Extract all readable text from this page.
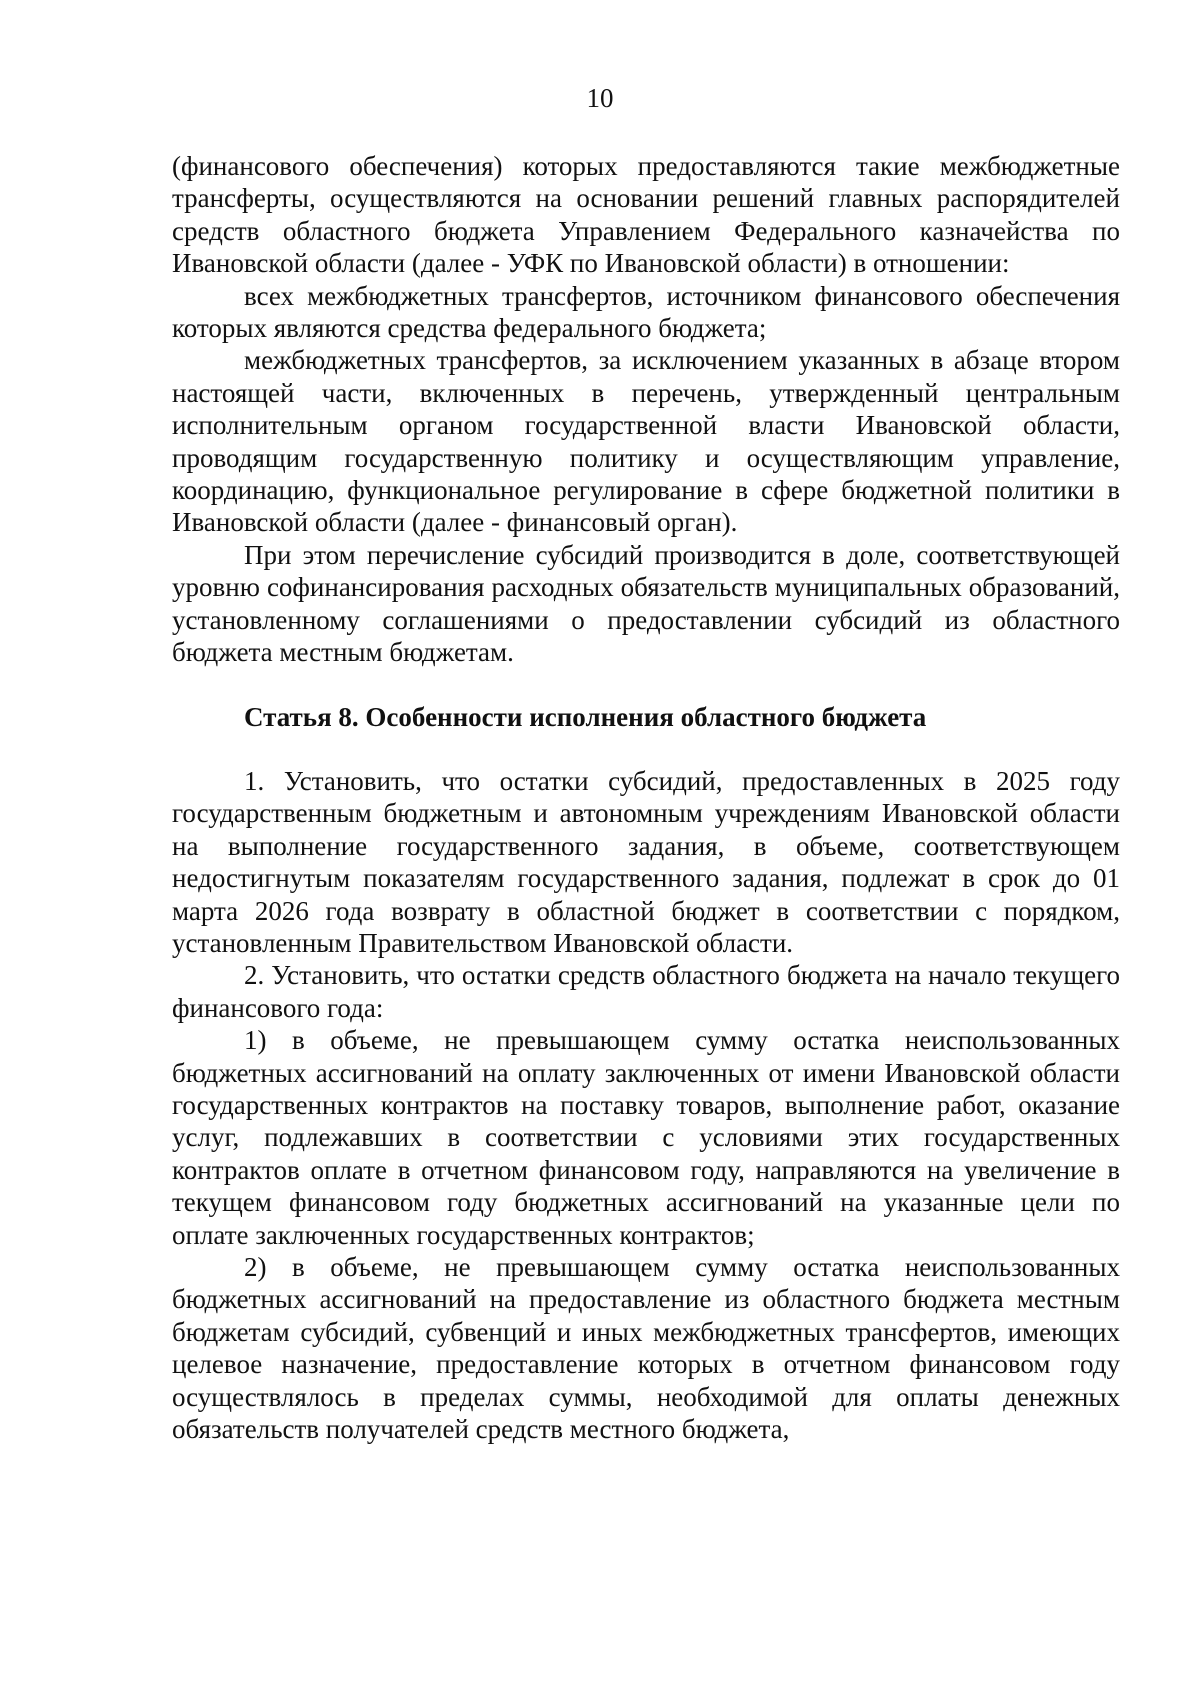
10

(финансового обеспечения) которых предоставляются такие межбюджетные трансферты, осуществляются на основании решений главных распорядителей средств областного бюджета Управлением Федерального казначейства по Ивановской области (далее - УФК по Ивановской области) в отношении:

всех межбюджетных трансфертов, источником финансового обеспечения которых являются средства федерального бюджета;

межбюджетных трансфертов, за исключением указанных в абзаце втором настоящей части, включенных в перечень, утвержденный центральным исполнительным органом государственной власти Ивановской области, проводящим государственную политику и осуществляющим управление, координацию, функциональное регулирование в сфере бюджетной политики в Ивановской области (далее - финансовый орган).

При этом перечисление субсидий производится в доле, соответствующей уровню софинансирования расходных обязательств муниципальных образований, установленному соглашениями о предоставлении субсидий из областного бюджета местным бюджетам.

Статья 8. Особенности исполнения областного бюджета

1. Установить, что остатки субсидий, предоставленных в 2025 году государственным бюджетным и автономным учреждениям Ивановской области на выполнение государственного задания, в объеме, соответствующем недостигнутым показателям государственного задания, подлежат в срок до 01 марта 2026 года возврату в областной бюджет в соответствии с порядком, установленным Правительством Ивановской области.

2. Установить, что остатки средств областного бюджета на начало текущего финансового года:

1) в объеме, не превышающем сумму остатка неиспользованных бюджетных ассигнований на оплату заключенных от имени Ивановской области государственных контрактов на поставку товаров, выполнение работ, оказание услуг, подлежавших в соответствии с условиями этих государственных контрактов оплате в отчетном финансовом году, направляются на увеличение в текущем финансовом году бюджетных ассигнований на указанные цели по оплате заключенных государственных контрактов;

2) в объеме, не превышающем сумму остатка неиспользованных бюджетных ассигнований на предоставление из областного бюджета местным бюджетам субсидий, субвенций и иных межбюджетных трансфертов, имеющих целевое назначение, предоставление которых в отчетном финансовом году осуществлялось в пределах суммы, необходимой для оплаты денежных обязательств получателей средств местного бюджета,
